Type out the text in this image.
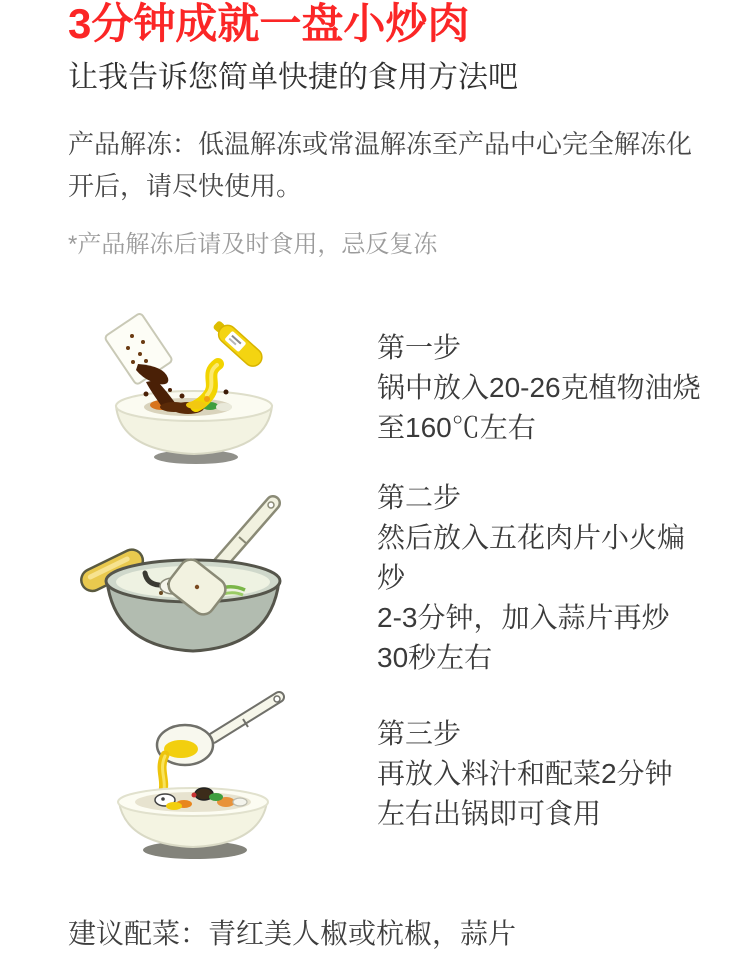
3分钟成就一盘小炒肉
让我告诉您简单快捷的食用方法吧
产品解冻：低温解冻或常温解冻至产品中心完全解冻化
开后，请尽快使用。
*产品解冻后请及时食用，忌反复冻
第一步
锅中放入20-26克植物油烧
至160℃左右
第二步
然后放入五花肉片小火煸炒
2-3分钟，加入蒜片再炒
30秒左右
第三步
再放入料汁和配菜2分钟
左右出锅即可食用
建议配菜：青红美人椒或杭椒，蒜片
